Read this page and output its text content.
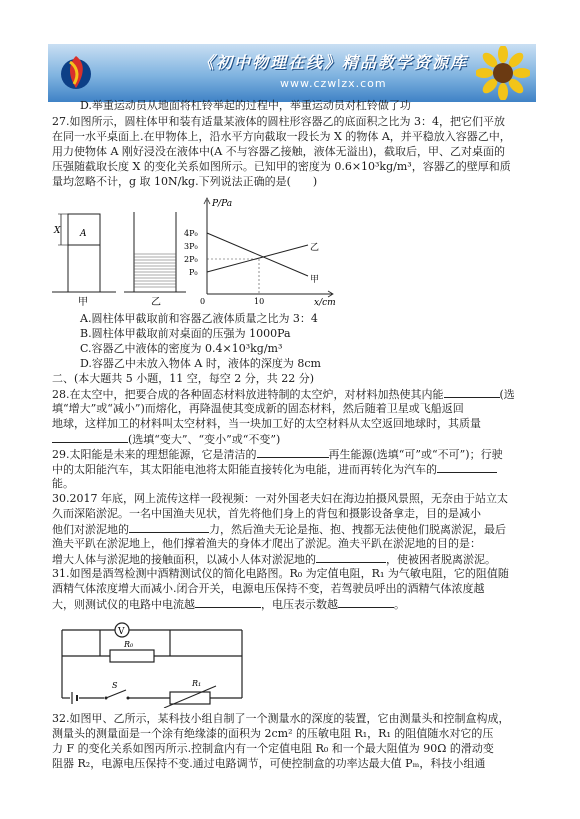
《初中物理在线》精品教学资源库
www.czwlzx.com
D.举重运动员从地面将杠铃举起的过程中，举重运动员对杠铃做了功
27.如图所示，圆柱体甲和装有适量某液体的圆柱形容器乙的底面积之比为 3：4，把它们平放
在同一水平桌面上.在甲物体上，沿水平方向截取一段长为 X 的物体 A，并平稳放入容器乙中，
用力使物体 A 刚好浸没在液体中(A 不与容器乙接触，液体无溢出)，截取后，甲、乙对桌面的
压强随截取长度 X 的变化关系如图所示。已知甲的密度为 0.6×10³kg/m³，容器乙的壁厚和质
量均忽略不计，g 取 10N/kg.下列说法正确的是(　　)
A
X
甲	乙
P/Pa
x/cm
4P₀
3P₀
2P₀
P₀
0	10
乙
甲
A.圆柱体甲截取前和容器乙液体质量之比为 3：4
B.圆柱体甲截取前对桌面的压强为 1000Pa
C.容器乙中液体的密度为 0.4×10³kg/m³
D.容器乙中未放入物体 A 时，液体的深度为 8cm
二、(本大题共 5 小题，11 空，每空 2 分，共 22 分)
28.在太空中，把要合成的各种固态材料放进特制的太空炉，对材料加热使其内能	(选
填“增大”或“减小”)而熔化，再降温使其变成新的固态材料，然后随着卫星或飞船返回
地球，这样加工的材料叫太空材料，当一块加工好的太空材料从太空返回地球时，其质量
(选填“变大”、“变小”或“不变”)
29.太阳能是未来的理想能源，它是清洁的	再生能源(选填“可”或“不可”)；行驶
中的太阳能汽车，其太阳能电池将太阳能直接转化为电能，进而再转化为汽车的
能。
30.2017 年底，网上流传这样一段视频：一对外国老夫妇在海边拍摄风景照，无奈由于站立太
久而深陷淤泥。一名中国渔夫见状，首先将他们身上的背包和摄影设备拿走，目的是减小
他们对淤泥地的	力，然后渔夫无论是拖、抱、拽都无法使他们脱离淤泥，最后
渔夫平趴在淤泥地上，他们撑着渔夫的身体才爬出了淤泥。渔夫平趴在淤泥地的目的是：
增大人体与淤泥地的接触面积，以减小人体对淤泥地的	，使被困者脱离淤泥。
31.如图是酒驾检测中酒精测试仪的简化电路图。R₀ 为定值电阻，R₁ 为气敏电阻，它的阻值随
酒精气体浓度增大而减小.闭合开关，电源电压保持不变，若驾驶员呼出的酒精气体浓度越
大，则测试仪的电路中电流越	，电压表示数越	。
V
R₀
S	R₁
32.如图甲、乙所示，某科技小组自制了一个测量水的深度的装置，它由测量头和控制盒构成，
测量头的测量面是一个涂有绝缘漆的面积为 2cm² 的压敏电阻 R₁，R₁ 的阻值随水对它的压
力 F 的变化关系如图丙所示.控制盒内有一个定值电阻 R₀ 和一个最大阻值为 90Ω 的滑动变
阻器 R₂，电源电压保持不变.通过电路调节，可使控制盒的功率达最大值 Pₘ，科技小组通
